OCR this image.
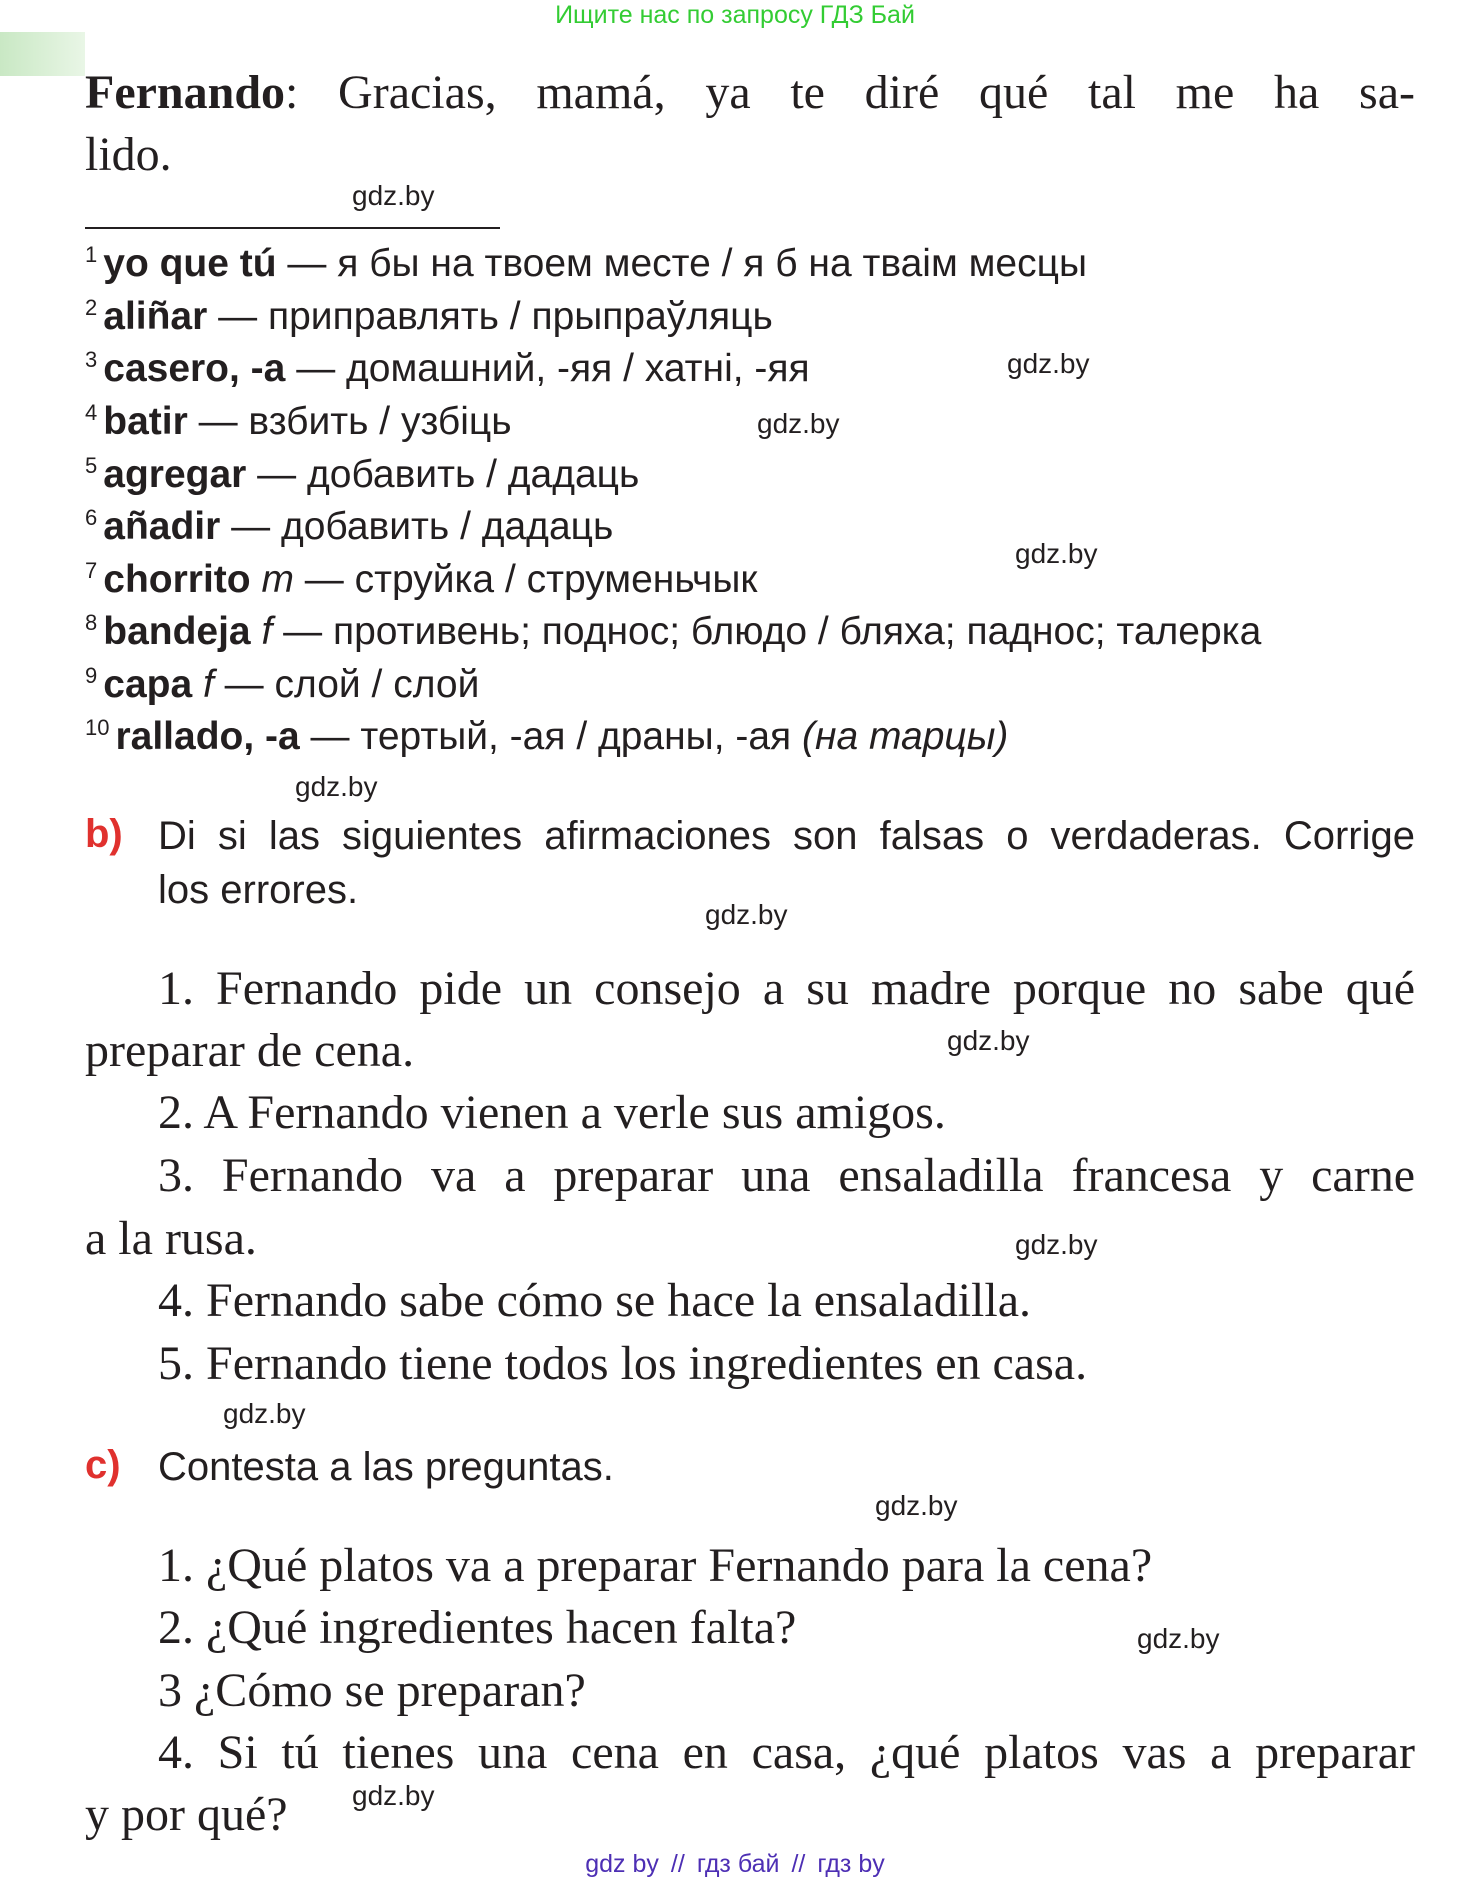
Ищите нас по запросу ГДЗ Бай
Fernando: Gracias, mamá, ya te diré qué tal me ha sa-
lido.
$^1$ yo que tú — я бы на твоем месте / я б на тваім месцы
$^2$ aliñar — приправлять / прыпраўляць
$^3$ casero, -a — домашний, -яя / хатні, -яя
$^4$ batir — взбить / узбіць
$^5$ agregar — добавить / дадаць
$^6$ añadir — добавить / дадаць
$^7$ chorrito m — струйка / струменьчык
$^8$ bandeja f — противень; поднос; блюдо / бляха; паднос; талерка
$^9$ capa f — слой / слой
$^{10}$ rallado, -a — тертый, -ая / драны, -ая (на тарцы)
b) Di si las siguientes afirmaciones son falsas o verdaderas. Corrige
los errores.
1. Fernando pide un consejo a su madre porque no sabe qué
preparar de cena.
2. A Fernando vienen a verle sus amigos.
3. Fernando va a preparar una ensaladilla francesa y carne
a la rusa.
4. Fernando sabe cómo se hace la ensaladilla.
5. Fernando tiene todos los ingredientes en casa.
c) Contesta a las preguntas.
1. ¿Qué platos va a preparar Fernando para la cena?
2. ¿Qué ingredientes hacen falta?
3 ¿Cómo se preparan?
4. Si tú tienes una cena en casa, ¿qué platos vas a preparar
y por qué?
gdz.by
gdz.by
gdz.by
gdz.by
gdz.by
gdz.by
gdz.by
gdz.by
gdz.by
gdz.by
gdz.by
gdz.by
gdz by // гдз бай // гдз by
